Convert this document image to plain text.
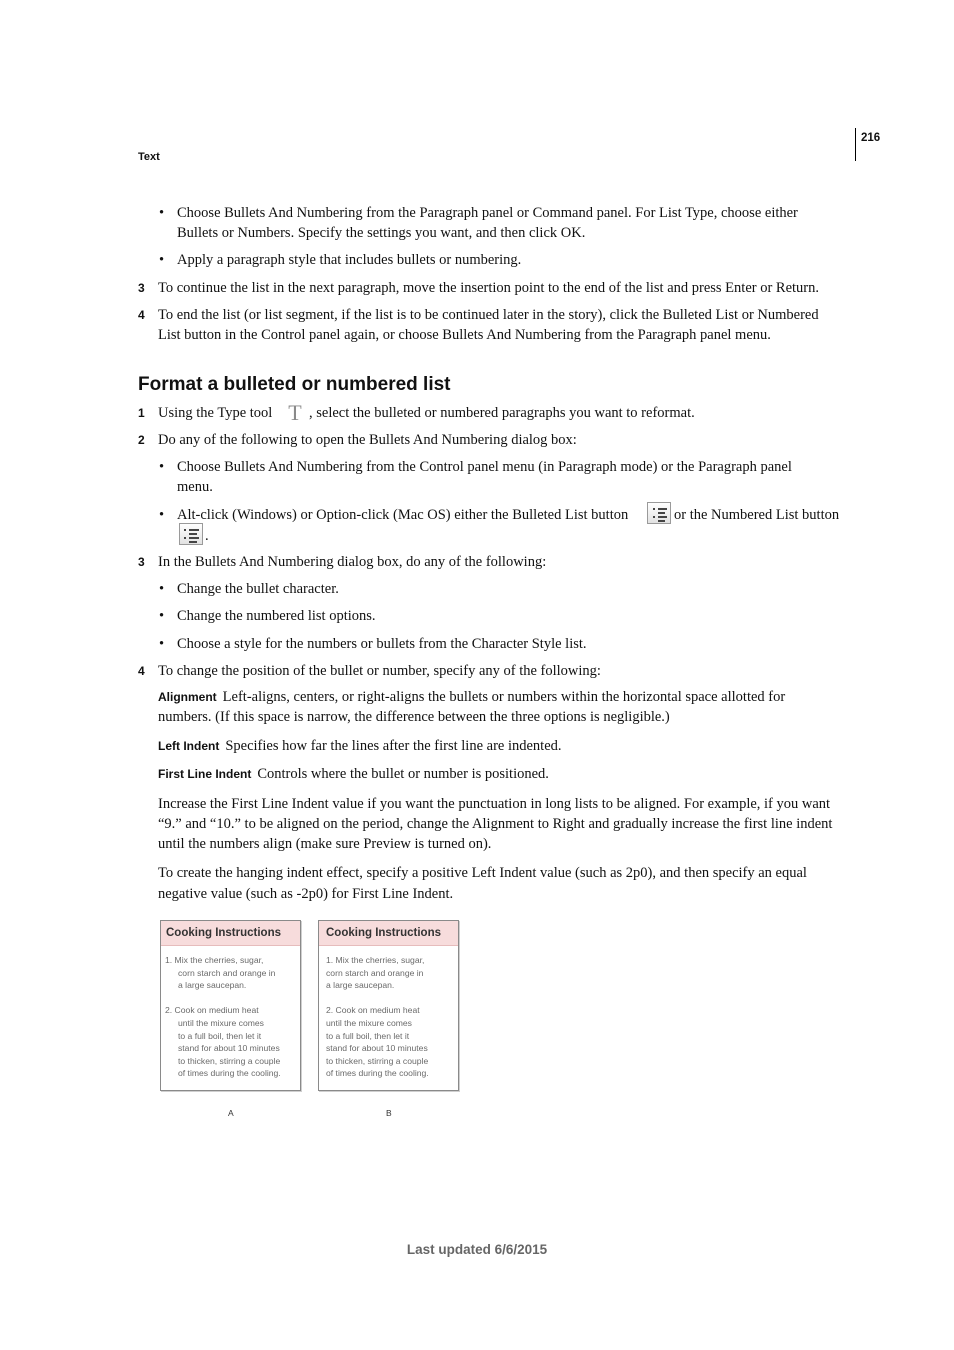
216
Text
• Choose Bullets And Numbering from the Paragraph panel or Command panel. For List Type, choose either
Bullets or Numbers. Specify the settings you want, and then click OK.
• Apply a paragraph style that includes bullets or numbering.
3 To continue the list in the next paragraph, move the insertion point to the end of the list and press Enter or Return.
4 To end the list (or list segment, if the list is to be continued later in the story), click the Bulleted List or Numbered
List button in the Control panel again, or choose Bullets And Numbering from the Paragraph panel menu.
Format a bulleted or numbered list
1 Using the Type tool T , select the bulleted or numbered paragraphs you want to reformat.
2 Do any of the following to open the Bullets And Numbering dialog box:
• Choose Bullets And Numbering from the Control panel menu (in Paragraph mode) or the Paragraph panel
menu.
• Alt-click (Windows) or Option-click (Mac OS) either the Bulleted List button	or the Numbered List button
.
3 In the Bullets And Numbering dialog box, do any of the following:
• Change the bullet character.
• Change the numbered list options.
• Choose a style for the numbers or bullets from the Character Style list.
4 To change the position of the bullet or number, specify any of the following:
Alignment Left-aligns, centers, or right-aligns the bullets or numbers within the horizontal space allotted for
numbers. (If this space is narrow, the difference between the three options is negligible.)
Left Indent Specifies how far the lines after the first line are indented.
First Line Indent Controls where the bullet or number is positioned.
Increase the First Line Indent value if you want the punctuation in long lists to be aligned. For example, if you want
“9.” and “10.” to be aligned on the period, change the Alignment to Right and gradually increase the first line indent
until the numbers align (make sure Preview is turned on).
To create the hanging indent effect, specify a positive Left Indent value (such as 2p0), and then specify an equal
negative value (such as -2p0) for First Line Indent.
Cooking Instructions
1. Mix the cherries, sugar,
corn starch and orange in
a large saucepan.
2. Cook on medium heat
until the mixure comes
to a full boil, then let it
stand for about 10 minutes
to thicken, stirring a couple
of times during the cooling.
A
Cooking Instructions
1. Mix the cherries, sugar,
corn starch and orange in
a large saucepan.
2. Cook on medium heat
until the mixure comes
to a full boil, then let it
stand for about 10 minutes
to thicken, stirring a couple
of times during the cooling.
B
Last updated 6/6/2015
